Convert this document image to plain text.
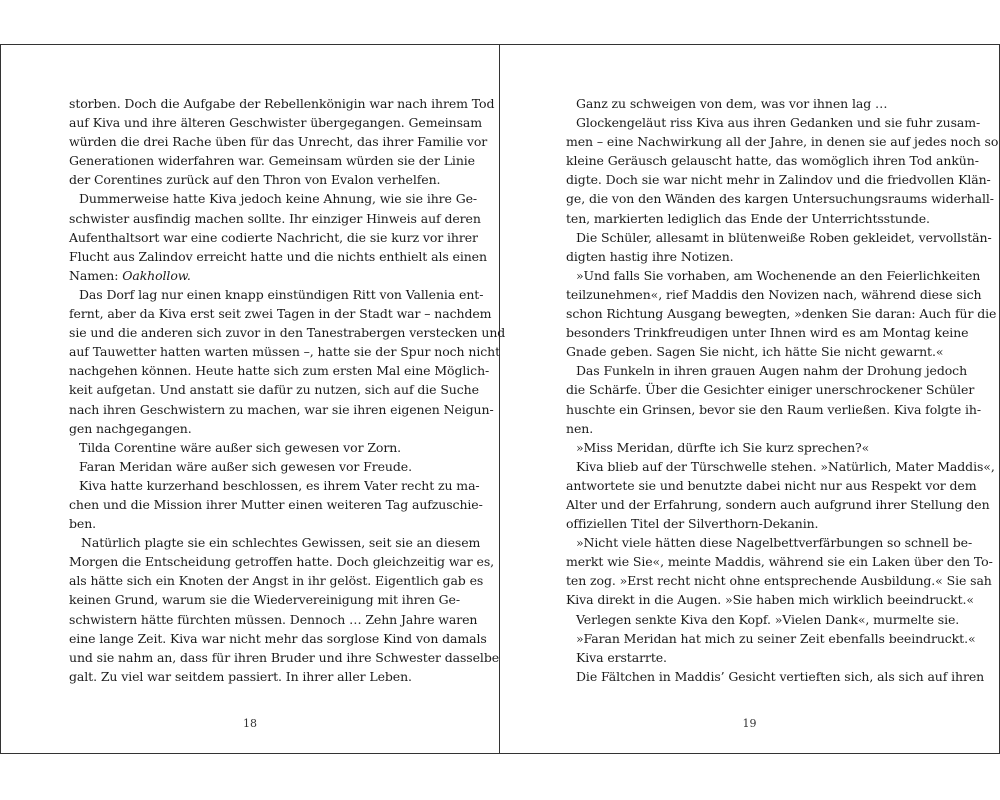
storben. Doch die Aufgabe der Rebellenkönigin war nach ihrem Tod
auf Kiva und ihre älteren Geschwister übergegangen. Gemeinsam
würden die drei Rache üben für das Unrecht, das ihrer Familie vor
Generationen widerfahren war. Gemeinsam würden sie der Linie
der Corentines zurück auf den Thron von Evalon verhelfen.
Dummerweise hatte Kiva jedoch keine Ahnung, wie sie ihre Ge-
schwister ausfindig machen sollte. Ihr einziger Hinweis auf deren
Aufenthaltsort war eine codierte Nachricht, die sie kurz vor ihrer
Flucht aus Zalindov erreicht hatte und die nichts enthielt als einen
Namen: Oakhollow.
Das Dorf lag nur einen knapp einstündigen Ritt von Vallenia ent-
fernt, aber da Kiva erst seit zwei Tagen in der Stadt war – nachdem
sie und die anderen sich zuvor in den Tanestrabergen verstecken und
auf Tauwetter hatten warten müssen –, hatte sie der Spur noch nicht
nachgehen können. Heute hatte sich zum ersten Mal eine Möglich-
keit aufgetan. Und anstatt sie dafür zu nutzen, sich auf die Suche
nach ihren Geschwistern zu machen, war sie ihren eigenen Neigun-
gen nachgegangen.
Tilda Corentine wäre außer sich gewesen vor Zorn.
Faran Meridan wäre außer sich gewesen vor Freude.
Kiva hatte kurzerhand beschlossen, es ihrem Vater recht zu ma-
chen und die Mission ihrer Mutter einen weiteren Tag aufzuschie-
ben.
Natürlich plagte sie ein schlechtes Gewissen, seit sie an diesem
Morgen die Entscheidung getroffen hatte. Doch gleichzeitig war es,
als hätte sich ein Knoten der Angst in ihr gelöst. Eigentlich gab es
keinen Grund, warum sie die Wiedervereinigung mit ihren Ge-
schwistern hätte fürchten müssen. Dennoch … Zehn Jahre waren
eine lange Zeit. Kiva war nicht mehr das sorglose Kind von damals
und sie nahm an, dass für ihren Bruder und ihre Schwester dasselbe
galt. Zu viel war seitdem passiert. In ihrer aller Leben.
18
Ganz zu schweigen von dem, was vor ihnen lag …
Glockengeläut riss Kiva aus ihren Gedanken und sie fuhr zusam-
men – eine Nachwirkung all der Jahre, in denen sie auf jedes noch so
kleine Geräusch gelauscht hatte, das womöglich ihren Tod ankün-
digte. Doch sie war nicht mehr in Zalindov und die friedvollen Klän-
ge, die von den Wänden des kargen Untersuchungsraums widerhall-
ten, markierten lediglich das Ende der Unterrichtsstunde.
Die Schüler, allesamt in blütenweiße Roben gekleidet, vervollstän-
digten hastig ihre Notizen.
»Und falls Sie vorhaben, am Wochenende an den Feierlichkeiten
teilzunehmen«, rief Maddis den Novizen nach, während diese sich
schon Richtung Ausgang bewegten, »denken Sie daran: Auch für die
besonders Trinkfreudigen unter Ihnen wird es am Montag keine
Gnade geben. Sagen Sie nicht, ich hätte Sie nicht gewarnt.«
Das Funkeln in ihren grauen Augen nahm der Drohung jedoch
die Schärfe. Über die Gesichter einiger unerschrockener Schüler
huschte ein Grinsen, bevor sie den Raum verließen. Kiva folgte ih-
nen.
»Miss Meridan, dürfte ich Sie kurz sprechen?«
Kiva blieb auf der Türschwelle stehen. »Natürlich, Mater Maddis«,
antwortete sie und benutzte dabei nicht nur aus Respekt vor dem
Alter und der Erfahrung, sondern auch aufgrund ihrer Stellung den
offiziellen Titel der Silverthorn-Dekanin.
»Nicht viele hätten diese Nagelbettverfärbungen so schnell be-
merkt wie Sie«, meinte Maddis, während sie ein Laken über den To-
ten zog. »Erst recht nicht ohne entsprechende Ausbildung.« Sie sah
Kiva direkt in die Augen. »Sie haben mich wirklich beeindruckt.«
Verlegen senkte Kiva den Kopf. »Vielen Dank«, murmelte sie.
»Faran Meridan hat mich zu seiner Zeit ebenfalls beeindruckt.«
Kiva erstarrte.
Die Fältchen in Maddis’ Gesicht vertieften sich, als sich auf ihren
19
